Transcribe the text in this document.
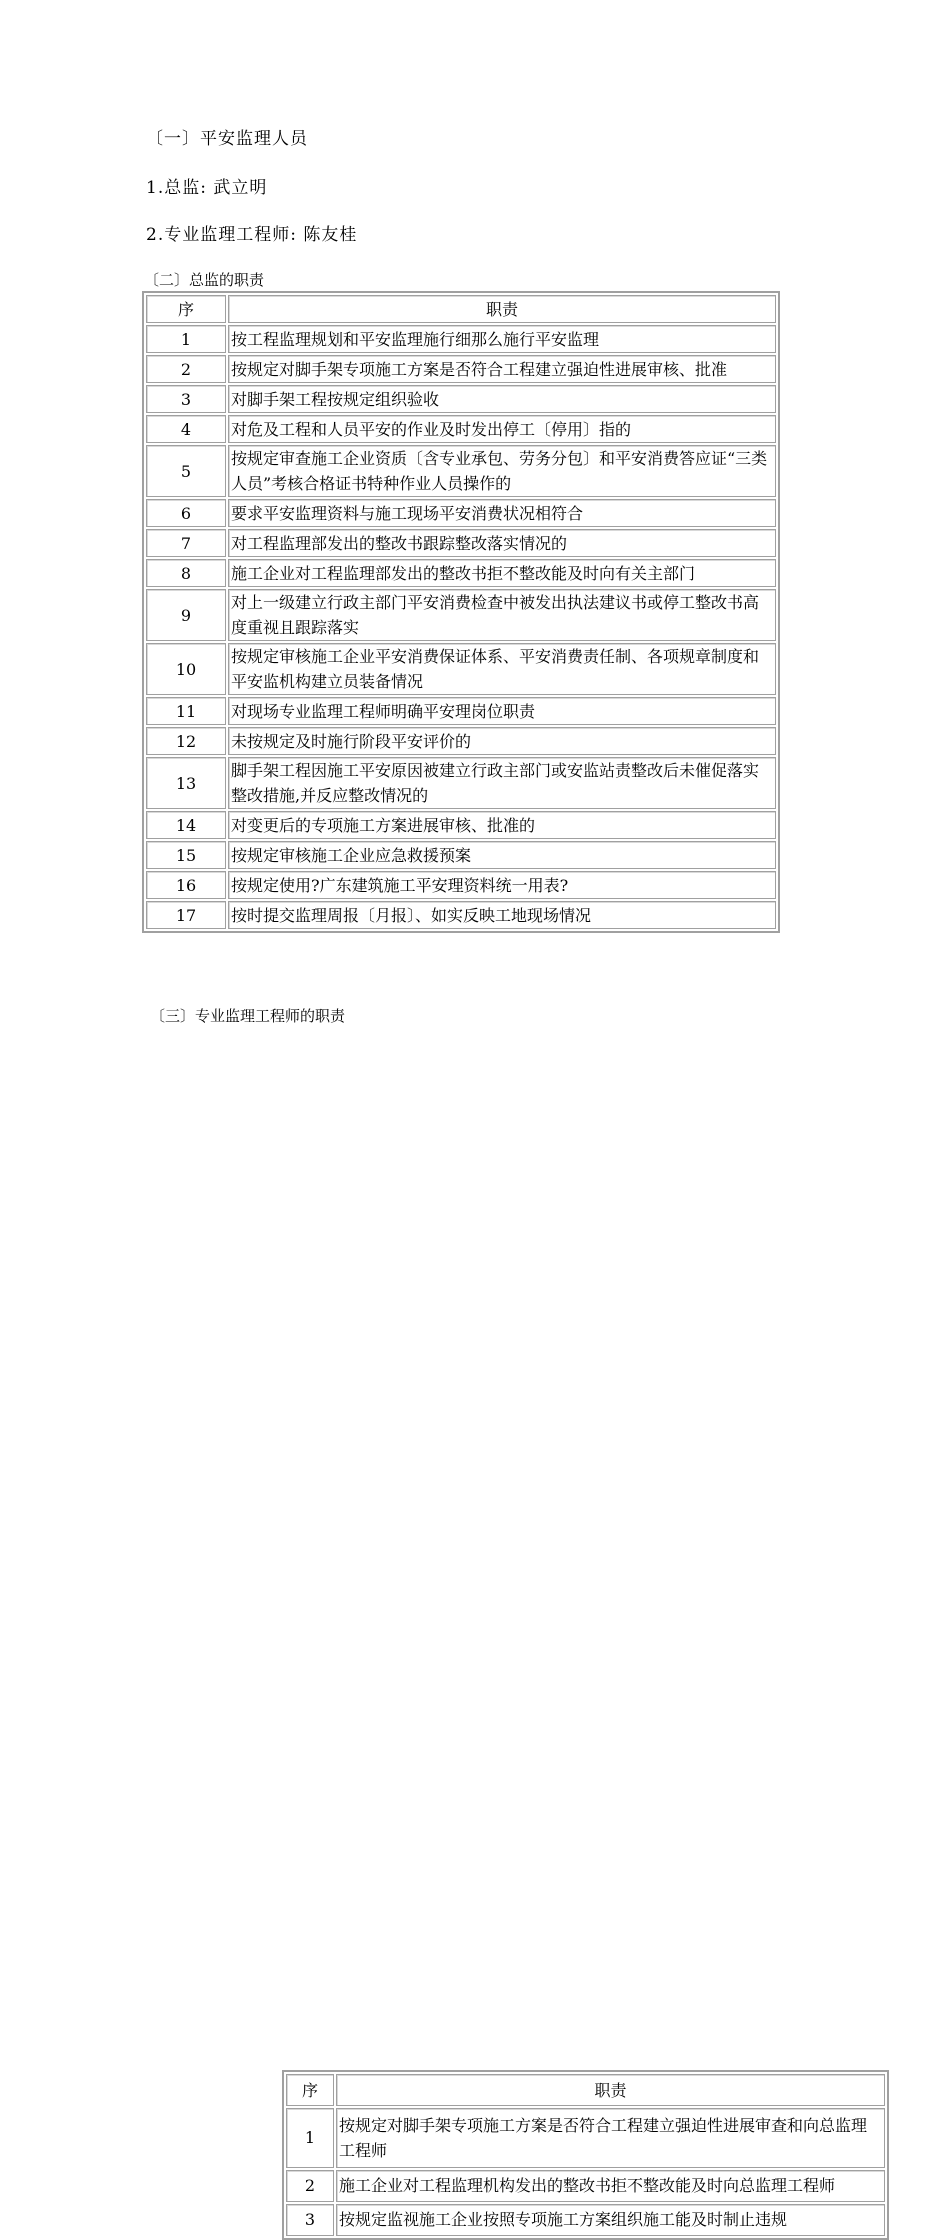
〔一〕平安监理人员
1.总监: 武立明
2.专业监理工程师: 陈友桂
〔二〕总监的职责
序	职责
1	按工程监理规划和平安监理施行细那么施行平安监理
2	按规定对脚手架专项施工方案是否符合工程建立强迫性进展审核、批准
3	对脚手架工程按规定组织验收
4	对危及工程和人员平安的作业及时发出停工〔停用〕指的
5	按规定审查施工企业资质〔含专业承包、劳务分包〕和平安消费答应证“三类人员”考核合格证书特种作业人员操作的
6	要求平安监理资料与施工现场平安消费状况相符合
7	对工程监理部发出的整改书跟踪整改落实情况的
8	施工企业对工程监理部发出的整改书拒不整改能及时向有关主部门
9	对上一级建立行政主部门平安消费检查中被发出执法建议书或停工整改书高度重视且跟踪落实
10	按规定审核施工企业平安消费保证体系、平安消费责任制、各项规章制度和平安监机构建立员装备情况
11	对现场专业监理工程师明确平安理岗位职责
12	未按规定及时施行阶段平安评价的
13	脚手架工程因施工平安原因被建立行政主部门或安监站责整改后未催促落实整改措施,并反应整改情况的
14	对变更后的专项施工方案进展审核、批准的
15	按规定审核施工企业应急救援预案
16	按规定使用?广东建筑施工平安理资料统一用表?
17	按时提交监理周报〔月报〕、如实反映工地现场情况
〔三〕专业监理工程师的职责
序	职责
1	按规定对脚手架专项施工方案是否符合工程建立强迫性进展审查和向总监理工程师
2	施工企业对工程监理机构发出的整改书拒不整改能及时向总监理工程师
3	按规定监视施工企业按照专项施工方案组织施工能及时制止违规
